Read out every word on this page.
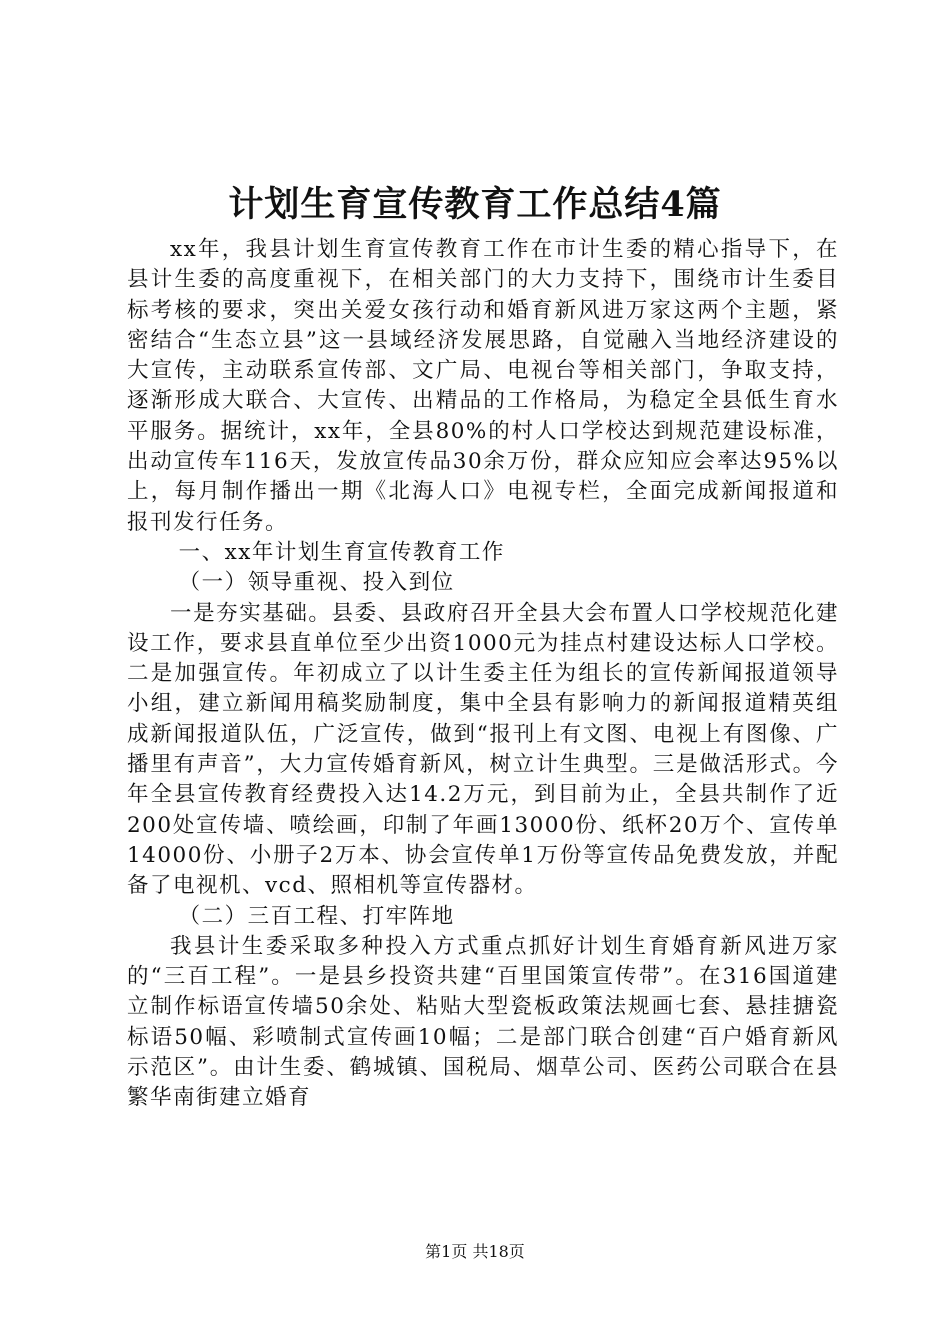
计划生育宣传教育工作总结4篇

xx年，我县计划生育宣传教育工作在市计生委的精心指导下，在县计生委的高度重视下，在相关部门的大力支持下，围绕市计生委目标考核的要求，突出关爱女孩行动和婚育新风进万家这两个主题，紧密结合“生态立县”这一县域经济发展思路，自觉融入当地经济建设的大宣传，主动联系宣传部、文广局、电视台等相关部门，争取支持，逐渐形成大联合、大宣传、出精品的工作格局，为稳定全县低生育水平服务。据统计，xx年，全县80%的村人口学校达到规范建设标准，出动宣传车116天，发放宣传品30余万份，群众应知应会率达95%以上，每月制作播出一期《北海人口》电视专栏，全面完成新闻报道和报刊发行任务。

一、xx年计划生育宣传教育工作

（一）领导重视、投入到位

一是夯实基础。县委、县政府召开全县大会布置人口学校规范化建设工作，要求县直单位至少出资1000元为挂点村建设达标人口学校。二是加强宣传。年初成立了以计生委主任为组长的宣传新闻报道领导小组，建立新闻用稿奖励制度，集中全县有影响力的新闻报道精英组成新闻报道队伍，广泛宣传，做到“报刊上有文图、电视上有图像、广播里有声音”，大力宣传婚育新风，树立计生典型。三是做活形式。今年全县宣传教育经费投入达14.2万元，到目前为止，全县共制作了近200处宣传墙、喷绘画，印制了年画13000份、纸杯20万个、宣传单14000份、小册子2万本、协会宣传单1万份等宣传品免费发放，并配备了电视机、vcd、照相机等宣传器材。

（二）三百工程、打牢阵地

我县计生委采取多种投入方式重点抓好计划生育婚育新风进万家的“三百工程”。一是县乡投资共建“百里国策宣传带”。在316国道建立制作标语宣传墙50余处、粘贴大型瓷板政策法规画七套、悬挂搪瓷标语50幅、彩喷制式宣传画10幅；二是部门联合创建“百户婚育新风示范区”。由计生委、鹤城镇、国税局、烟草公司、医药公司联合在县繁华南街建立婚育

第1页 共18页
